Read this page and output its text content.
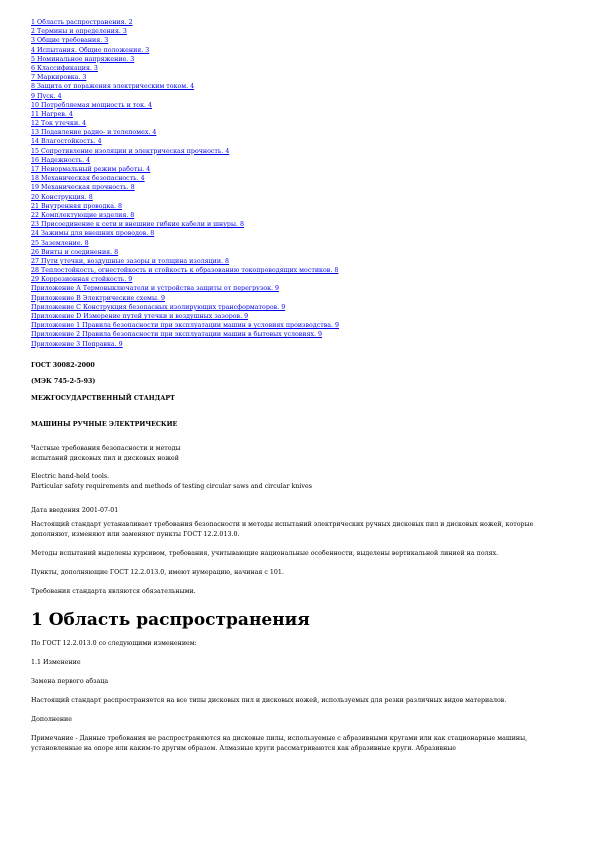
1 Область распространения. 2
2 Термины и определения. 3
3 Общие требования. 3
4 Испытания. Общие положения. 3
5 Номинальное напряжение. 3
6 Классификация. 3
7 Маркировка. 3
8 Защита от поражения электрическим током. 4
9 Пуск. 4
10 Потребляемая мощность и ток. 4
11 Нагрев. 4
12 Ток утечки. 4
13 Подавление радио- и телепомех. 4
14 Влагостойкость. 4
15 Сопротивление изоляции и электрическая прочность. 4
16 Надежность. 4
17 Ненормальный режим работы. 4
18 Механическая безопасность. 4
19 Механическая прочность. 8
20 Конструкция. 8
21 Внутренняя проводка. 8
22 Комплектующие изделия. 8
23 Присоединение к сети и внешние гибкие кабели и шнуры. 8
24 Зажимы для внешних проводов. 8
25 Заземление. 8
26 Винты и соединения. 8
27 Пути утечки, воздушные зазоры и толщина изоляции. 8
28 Теплостойкость, огнестойкость и стойкость к образованию токопроводящих мостиков. 8
29 Коррозионная стойкость. 9
Приложение А Термовыключатели и устройства защиты от перегрузок. 9
Приложение В Электрические схемы. 9
Приложение С Конструкция безопасных изолирующих трансформаторов. 9
Приложение D Измерение путей утечки и воздушных зазоров. 9
Приложение 1 Правила безопасности при эксплуатации машин в условиях производства. 9
Приложение 2 Правила безопасности при эксплуатации машин в бытовых условиях. 9
Приложение 3 Поправка. 9

ГОСТ 30082-2000

(МЭК 745-2-5-93)

МЕЖГОСУДАРСТВЕННЫЙ СТАНДАРТ

МАШИНЫ РУЧНЫЕ ЭЛЕКТРИЧЕСКИЕ

Частные требования безопасности и методы
испытаний дисковых пил и дисковых ножей

Electric hand-held tools.
Particular safety requirements and methods of testing circular saws and circular knives

Дата введения 2001-07-01

Настоящий стандарт устанавливает требования безопасности и методы испытаний электрических ручных дисковых пил и дисковых ножей, которые дополняют, изменяют или заменяют пункты ГОСТ 12.2.013.0.

Методы испытаний выделены курсивом, требования, учитывающие национальные особенности, выделены вертикальной линией на полях.

Пункты, дополняющие ГОСТ 12.2.013.0, имеют нумерацию, начиная с 101.

Требования стандарта являются обязательными.

1 Область распространения

По ГОСТ 12.2.013.0 со следующими изменением:

1.1 Изменение

Замена первого абзаца

Настоящий стандарт распространяется на все типы дисковых пил и дисковых ножей, используемых для резки различных видов материалов.

Дополнение

Примечание - Данные требования не распространяются на дисковые пилы, используемые с абразивными кругами или как стационарные машины, установленные на опоре или каким-то другим образом. Алмазные круги рассматриваются как абразивные круги. Абразивные
